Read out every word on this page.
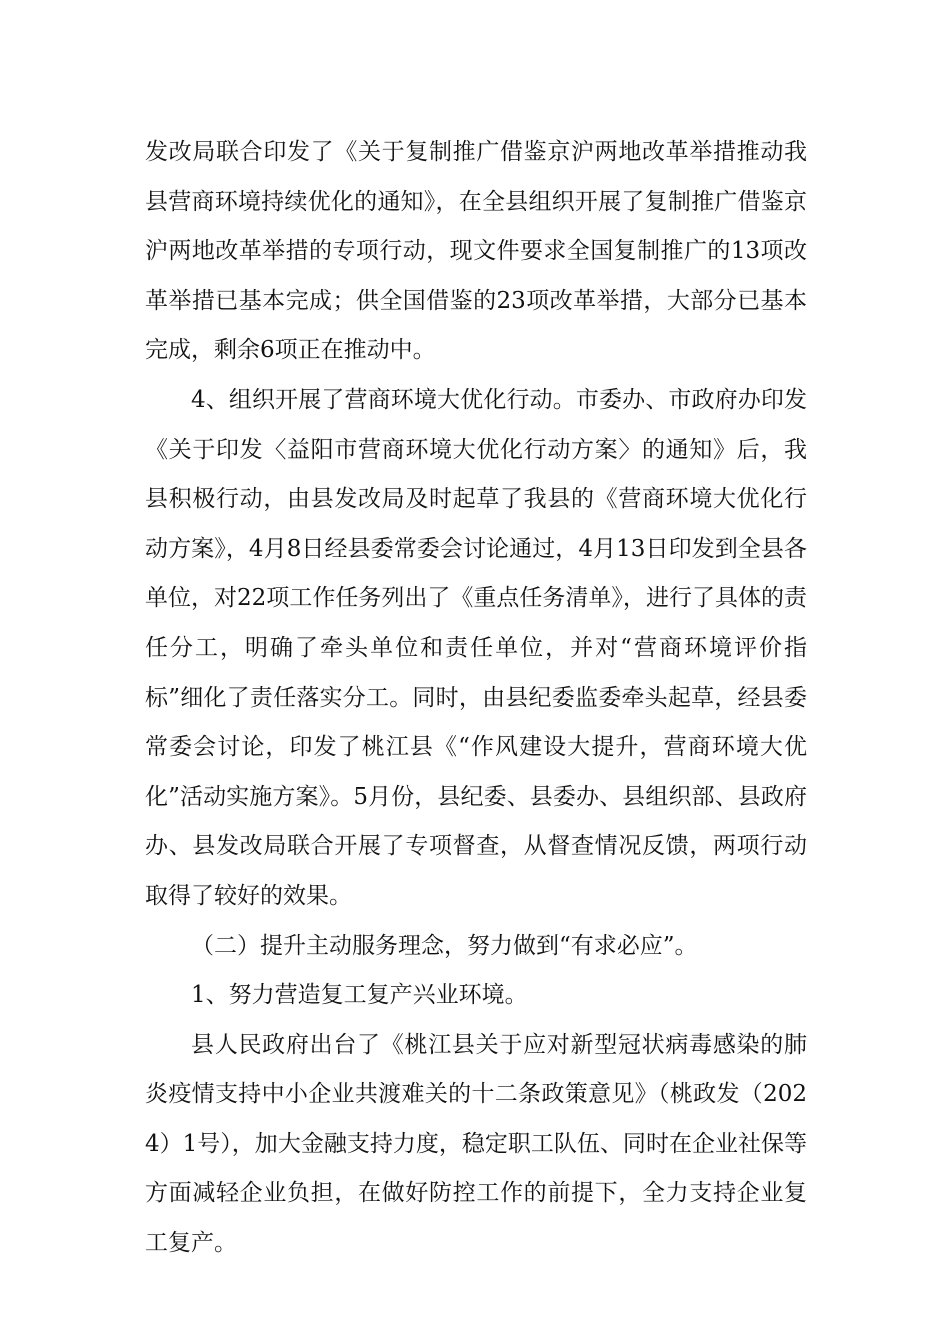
发改局联合印发了《关于复制推广借鉴京沪两地改革举措推动我县营商环境持续优化的通知》，在全县组织开展了复制推广借鉴京沪两地改革举措的专项行动，现文件要求全国复制推广的13项改革举措已基本完成；供全国借鉴的23项改革举措，大部分已基本完成，剩余6项正在推动中。

4、组织开展了营商环境大优化行动。市委办、市政府办印发《关于印发〈益阳市营商环境大优化行动方案〉的通知》后，我县积极行动，由县发改局及时起草了我县的《营商环境大优化行动方案》，4月8日经县委常委会讨论通过，4月13日印发到全县各单位，对22项工作任务列出了《重点任务清单》，进行了具体的责任分工，明确了牵头单位和责任单位，并对“营商环境评价指标”细化了责任落实分工。同时，由县纪委监委牵头起草，经县委常委会讨论，印发了桃江县《“作风建设大提升，营商环境大优化”活动实施方案》。5月份，县纪委、县委办、县组织部、县政府办、县发改局联合开展了专项督查，从督查情况反馈，两项行动取得了较好的效果。

（二）提升主动服务理念，努力做到“有求必应”。

1、努力营造复工复产兴业环境。

县人民政府出台了《桃江县关于应对新型冠状病毒感染的肺炎疫情支持中小企业共渡难关的十二条政策意见》（桃政发（2024）1号），加大金融支持力度，稳定职工队伍、同时在企业社保等方面减轻企业负担，在做好防控工作的前提下，全力支持企业复工复产。
